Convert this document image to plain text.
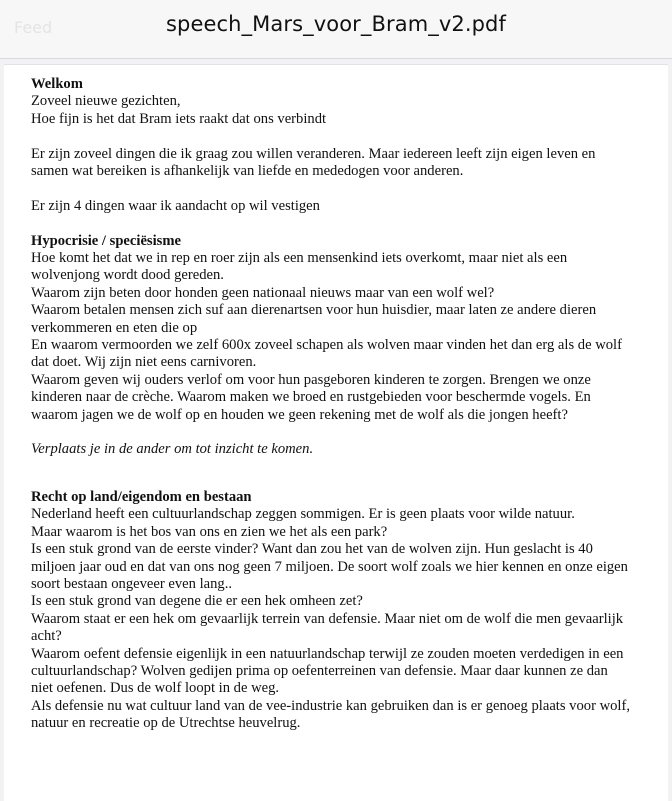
Feed	speech_Mars_voor_Bram_v2.pdf

Welkom

Zoveel nieuwe gezichten,

Hoe fijn is het dat Bram iets raakt dat ons verbindt

Er zijn zoveel dingen die ik graag zou willen veranderen. Maar iedereen leeft zijn eigen leven en samen wat bereiken is afhankelijk van liefde en mededogen voor anderen.

Er zijn 4 dingen waar ik aandacht op wil vestigen

Hypocrisie / speciësisme

Hoe komt het dat we in rep en roer zijn als een mensenkind iets overkomt, maar niet als een wolvenjong wordt dood gereden.

Waarom zijn beten door honden geen nationaal nieuws maar van een wolf wel?

Waarom betalen mensen zich suf aan dierenartsen voor hun huisdier, maar laten ze andere dieren verkommeren en eten die op

En waarom vermoorden we zelf 600x zoveel schapen als wolven maar vinden het dan erg als de wolf dat doet. Wij zijn niet eens carnivoren.

Waarom geven wij ouders verlof om voor hun pasgeboren kinderen te zorgen. Brengen we onze kinderen naar de crèche. Waarom maken we broed en rustgebieden voor beschermde vogels. En waarom jagen we de wolf op en houden we geen rekening met de wolf als die jongen heeft?

Verplaats je in de ander om tot inzicht te komen.

Recht op land/eigendom en bestaan

Nederland heeft een cultuurlandschap zeggen sommigen. Er is geen plaats voor wilde natuur.

Maar waarom is het bos van ons en zien we het als een park?

Is een stuk grond van de eerste vinder? Want dan zou het van de wolven zijn. Hun geslacht is 40 miljoen jaar oud en dat van ons nog geen 7 miljoen. De soort wolf zoals we hier kennen en onze eigen soort bestaan ongeveer even lang..

Is een stuk grond van degene die er een hek omheen zet?

Waarom staat er een hek om gevaarlijk terrein van defensie. Maar niet om de wolf die men gevaarlijk acht?

Waarom oefent defensie eigenlijk in een natuurlandschap terwijl ze zouden moeten verdedigen in een cultuurlandschap? Wolven gedijen prima op oefenterreinen van defensie. Maar daar kunnen ze dan niet oefenen. Dus de wolf loopt in de weg.

Als defensie nu wat cultuur land van de vee-industrie kan gebruiken dan is er genoeg plaats voor wolf, natuur en recreatie op de Utrechtse heuvelrug.
